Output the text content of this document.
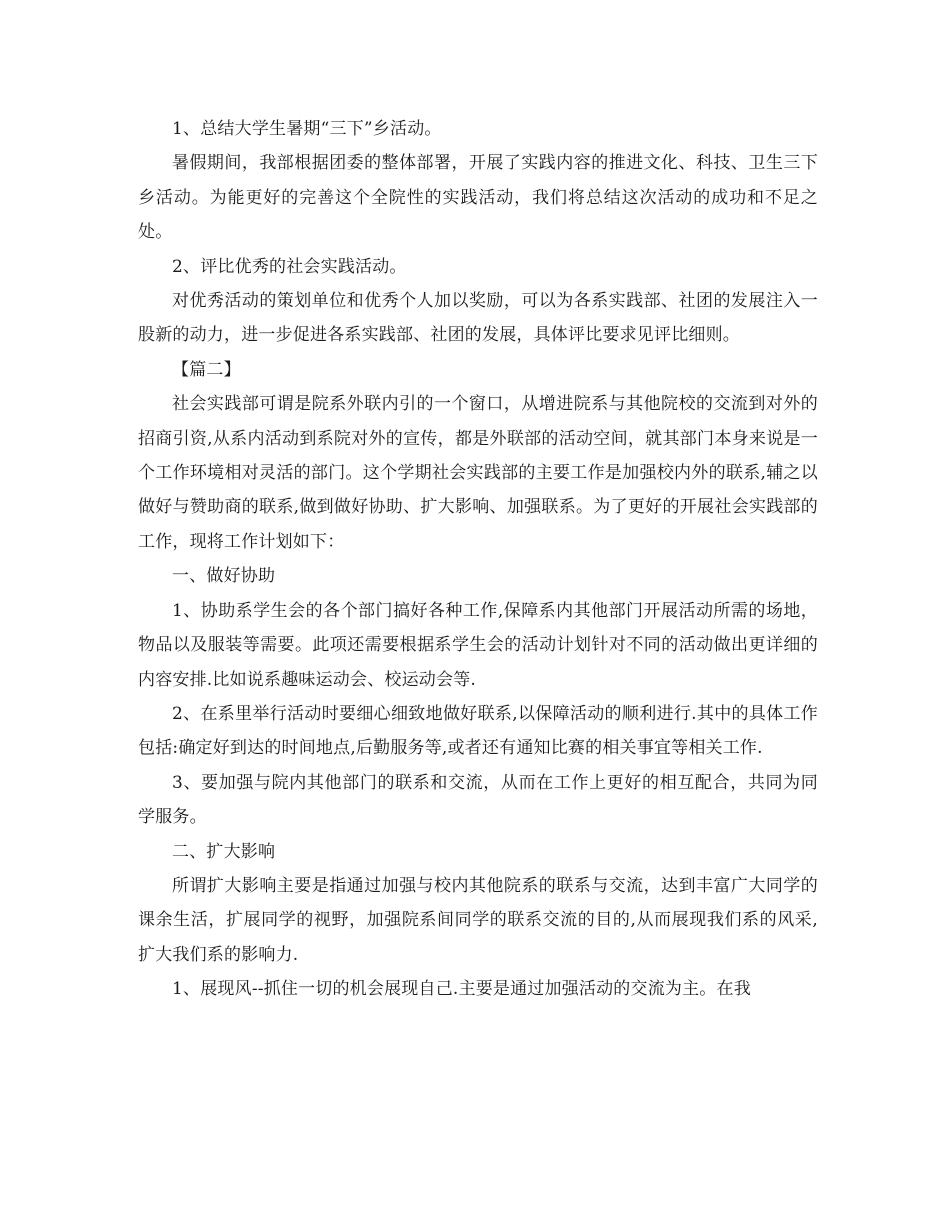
1、总结大学生暑期“三下”乡活动。

暑假期间，我部根据团委的整体部署，开展了实践内容的推进文化、科技、卫生三下乡活动。为能更好的完善这个全院性的实践活动，我们将总结这次活动的成功和不足之处。

2、评比优秀的社会实践活动。

对优秀活动的策划单位和优秀个人加以奖励，可以为各系实践部、社团的发展注入一股新的动力，进一步促进各系实践部、社团的发展，具体评比要求见评比细则。

【篇二】

社会实践部可谓是院系外联内引的一个窗口，从增进院系与其他院校的交流到对外的招商引资,从系内活动到系院对外的宣传，都是外联部的活动空间，就其部门本身来说是一个工作环境相对灵活的部门。这个学期社会实践部的主要工作是加强校内外的联系,辅之以做好与赞助商的联系,做到做好协助、扩大影响、加强联系。为了更好的开展社会实践部的工作，现将工作计划如下：

一、做好协助

1、协助系学生会的各个部门搞好各种工作,保障系内其他部门开展活动所需的场地，物品以及服装等需要。此项还需要根据系学生会的活动计划针对不同的活动做出更详细的内容安排.比如说系趣味运动会、校运动会等.

2、在系里举行活动时要细心细致地做好联系,以保障活动的顺利进行.其中的具体工作包括:确定好到达的时间地点,后勤服务等,或者还有通知比赛的相关事宜等相关工作.

3、要加强与院内其他部门的联系和交流，从而在工作上更好的相互配合，共同为同学服务。

二、扩大影响

所谓扩大影响主要是指通过加强与校内其他院系的联系与交流，达到丰富广大同学的课余生活，扩展同学的视野，加强院系间同学的联系交流的目的,从而展现我们系的风采,扩大我们系的影响力.

1、展现风--抓住一切的机会展现自己.主要是通过加强活动的交流为主。在我
